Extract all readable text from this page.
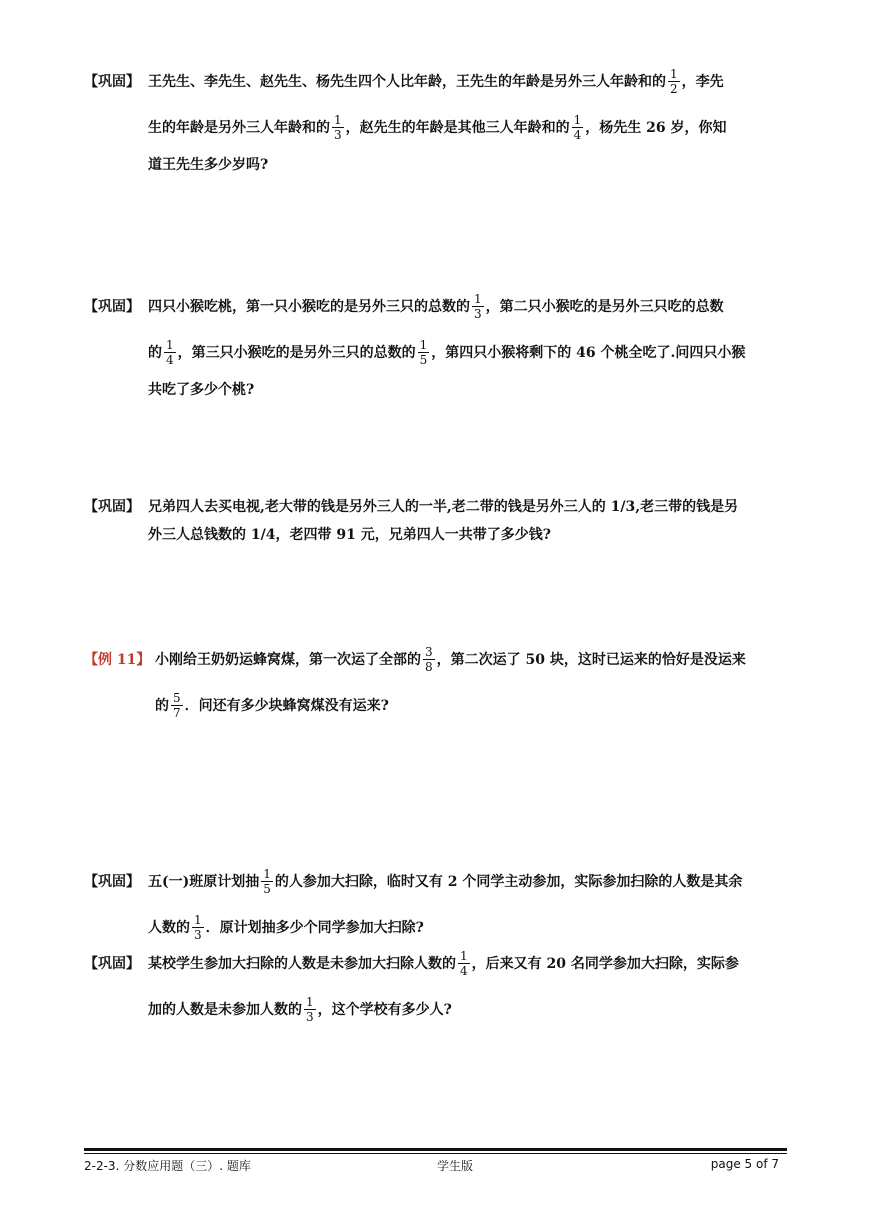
【巩固】 王先生、李先生、赵先生、杨先生四个人比年龄，王先生的年龄是另外三人年龄和的 $\frac{1}{2}$ ，李先
生的年龄是另外三人年龄和的 $\frac{1}{3}$ ，赵先生的年龄是其他三人年龄和的 $\frac{1}{4}$ ，杨先生 26 岁，你知
道王先生多少岁吗?
【巩固】 四只小猴吃桃，第一只小猴吃的是另外三只的总数的 $\frac{1}{3}$ ，第二只小猴吃的是另外三只吃的总数
的 $\frac{1}{4}$ ，第三只小猴吃的是另外三只的总数的 $\frac{1}{5}$ ，第四只小猴将剩下的 46 个桃全吃了.问四只小猴
共吃了多少个桃?
【巩固】 兄弟四人去买电视,老大带的钱是另外三人的一半,老二带的钱是另外三人的 1/3,老三带的钱是另
外三人总钱数的 1/4，老四带 91 元，兄弟四人一共带了多少钱?
【例 11】 小刚给王奶奶运蜂窝煤，第一次运了全部的 $\frac{3}{8}$ ，第二次运了 50 块，这时已运来的恰好是没运来
的 $\frac{5}{7}$ ．问还有多少块蜂窝煤没有运来?
【巩固】 五(一)班原计划抽 $\frac{1}{5}$ 的人参加大扫除，临时又有 2 个同学主动参加，实际参加扫除的人数是其余
人数的 $\frac{1}{3}$ ．原计划抽多少个同学参加大扫除?
【巩固】 某校学生参加大扫除的人数是未参加大扫除人数的 $\frac{1}{4}$ ，后来又有 20 名同学参加大扫除，实际参
加的人数是未参加人数的 $\frac{1}{3}$ ，这个学校有多少人?
2-2-3. 分数应用题（三）. 题库	学生版	page 5 of 7
